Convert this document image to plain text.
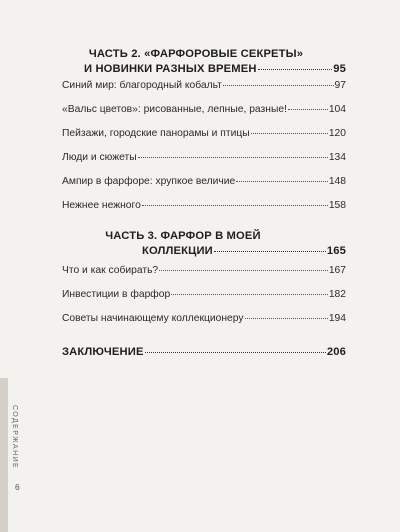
ЧАСТЬ 2. «ФАРФОРОВЫЕ СЕКРЕТЫ»
И НОВИНКИ РАЗНЫХ ВРЕМЕН	95
Синий мир: благородный кобальт	97
«Вальс цветов»: рисованные, лепные, разные!	104
Пейзажи, городские панорамы и птицы	120
Люди и сюжеты	134
Ампир в фарфоре: хрупкое величие	148
Нежнее нежного	158
ЧАСТЬ 3. ФАРФОР В МОЕЙ
КОЛЛЕКЦИИ	165
Что и как собирать?	167
Инвестиции в фарфор	182
Советы начинающему коллекционеру	194
ЗАКЛЮЧЕНИЕ	206
СОДЕРЖАНИЕ
6
